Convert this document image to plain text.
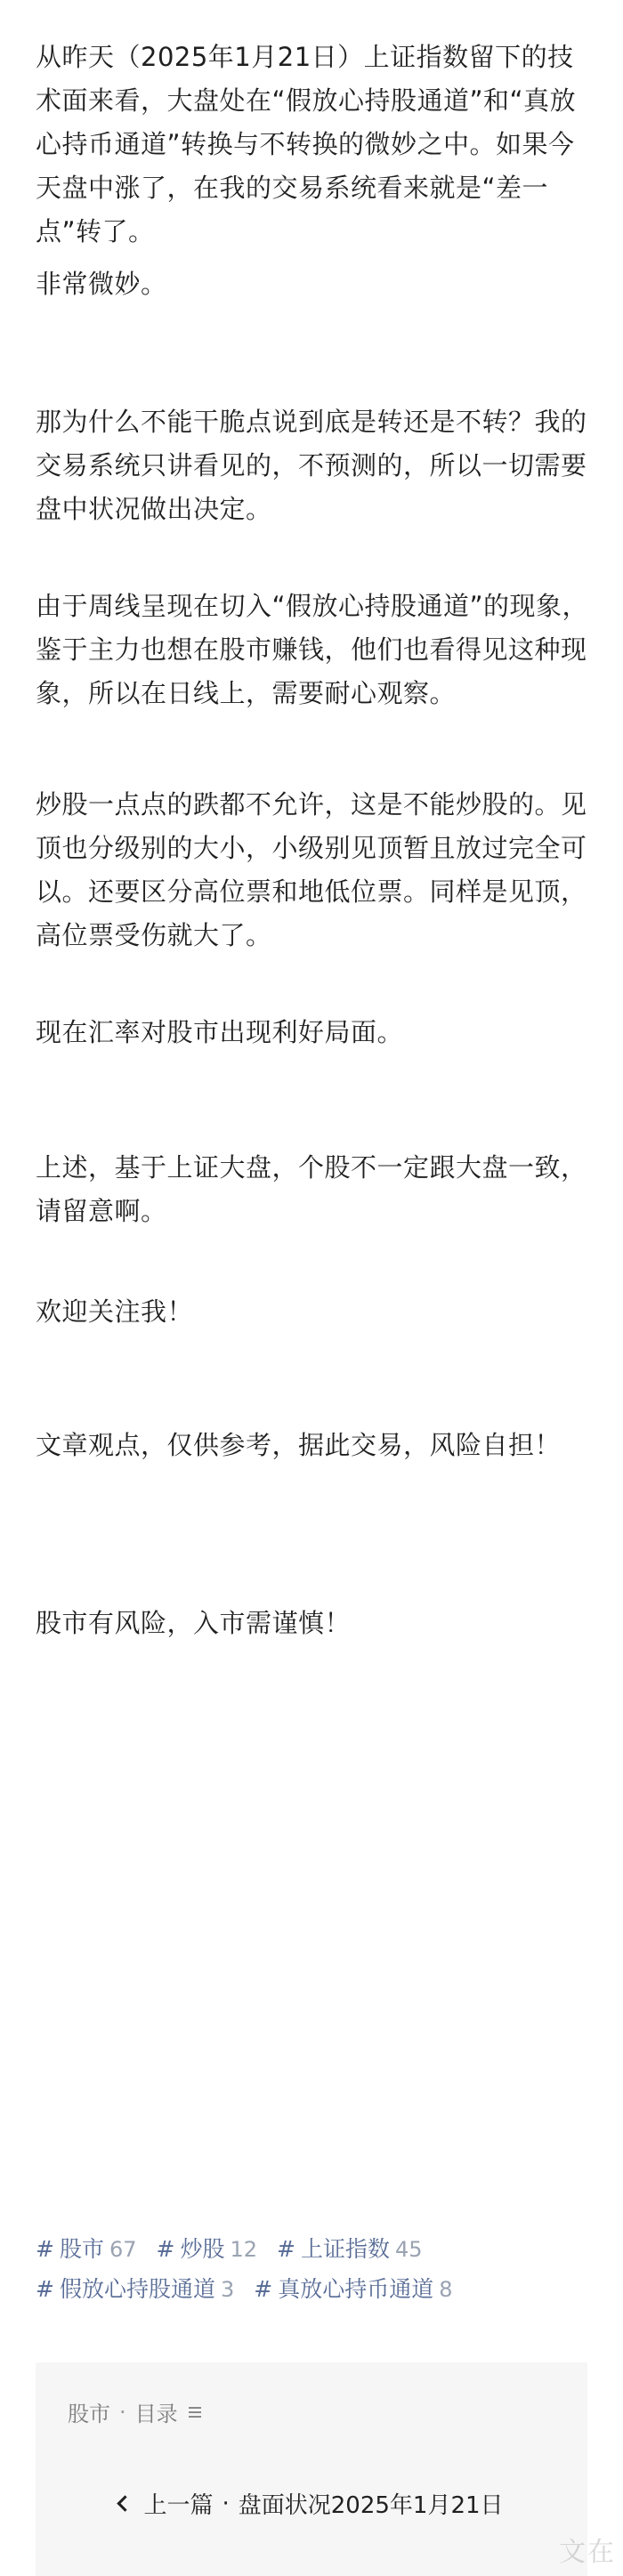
从昨天（2025年1月21日）上证指数留下的技术面来看，大盘处在“假放心持股通道”和“真放心持币通道”转换与不转换的微妙之中。如果今天盘中涨了，在我的交易系统看来就是“差一点”转了。

非常微妙。

那为什么不能干脆点说到底是转还是不转？我的交易系统只讲看见的，不预测的，所以一切需要盘中状况做出决定。

由于周线呈现在切入“假放心持股通道”的现象，鉴于主力也想在股市赚钱，他们也看得见这种现象，所以在日线上，需要耐心观察。

炒股一点点的跌都不允许，这是不能炒股的。见顶也分级别的大小，小级别见顶暂且放过完全可以。还要区分高位票和地低位票。同样是见顶，高位票受伤就大了。

现在汇率对股市出现利好局面。

上述，基于上证大盘，个股不一定跟大盘一致，请留意啊。

欢迎关注我！

文章观点，仅供参考，据此交易，风险自担！

股市有风险，入市需谨慎！

# 股市 67 # 炒股 12 # 上证指数 45
# 假放心持股通道 3 # 真放心持币通道 8
股市 · 目录
上一篇 · 盘面状况2025年1月21日
文在
